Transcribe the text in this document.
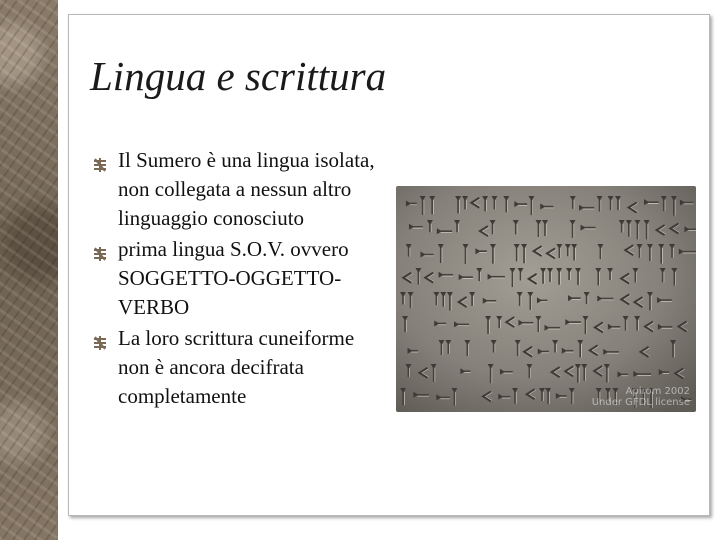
Lingua e scrittura
Il Sumero è una lingua isolata, non collegata a nessun altro linguaggio conosciuto
prima lingua S.O.V. ovvero SOGGETTO-OGGETTO-VERBO
La loro scrittura cuneiforme non è ancora decifrata completamente	Apirom 2002
Under GFDL license
